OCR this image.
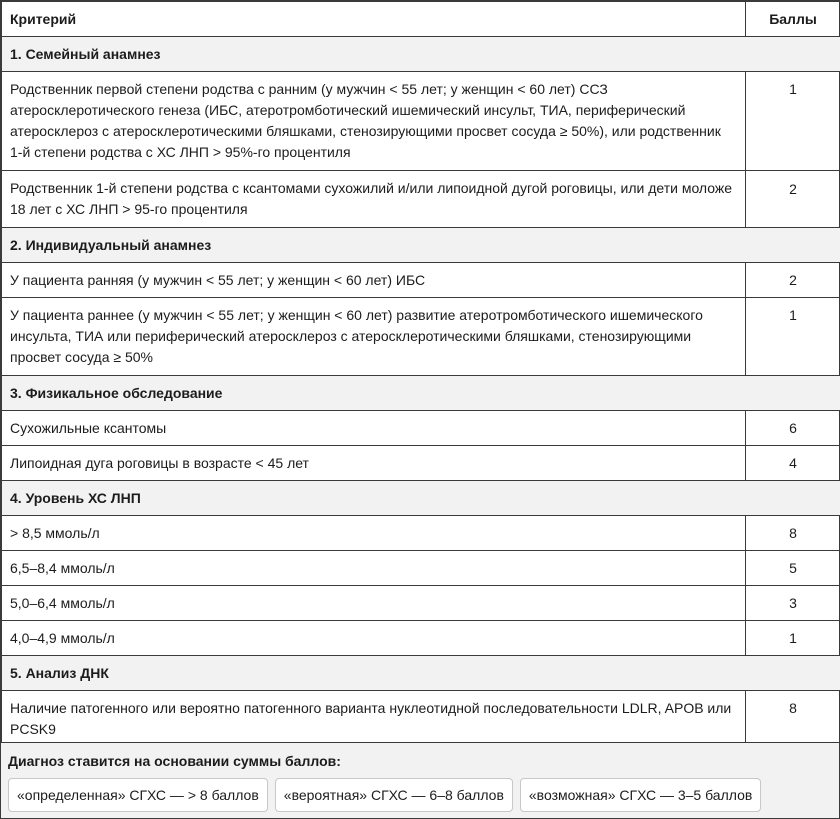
Критерий	Баллы
1. Семейный анамнез	
Родственник первой степени родства с ранним (у мужчин < 55 лет; у женщин < 60 лет) ССЗ атеросклеротического генеза (ИБС, атеротромботический ишемический инсульт, ТИА, периферический атеросклероз с атеросклеротическими бляшками, стенозирующими просвет сосуда ≥ 50%), или родственник 1-й степени родства с ХС ЛНП > 95%-го процентиля	1
Родственник 1-й степени родства с ксантомами сухожилий и/или липоидной дугой роговицы, или дети моложе 18 лет с ХС ЛНП > 95-го процентиля	2
2. Индивидуальный анамнез	
У пациента ранняя (у мужчин < 55 лет; у женщин < 60 лет) ИБС	2
У пациента раннее (у мужчин < 55 лет; у женщин < 60 лет) развитие атеротромботического ишемического инсульта, ТИА или периферический атеросклероз с атеросклеротическими бляшками, стенозирующими просвет сосуда ≥ 50%	1
3. Физикальное обследование	
Сухожильные ксантомы	6
Липоидная дуга роговицы в возрасте < 45 лет	4
4. Уровень ХС ЛНП	
> 8,5 ммоль/л	8
6,5–8,4 ммоль/л	5
5,0–6,4 ммоль/л	3
4,0–4,9 ммоль/л	1
5. Анализ ДНК	
Наличие патогенного или вероятно патогенного варианта нуклеотидной последовательности LDLR, APOB или PCSK9	8
Диагноз ставится на основании суммы баллов:
«определенная» СГХС — > 8 баллов	«вероятная» СГХС — 6–8 баллов	«возможная» СГХС — 3–5 баллов
